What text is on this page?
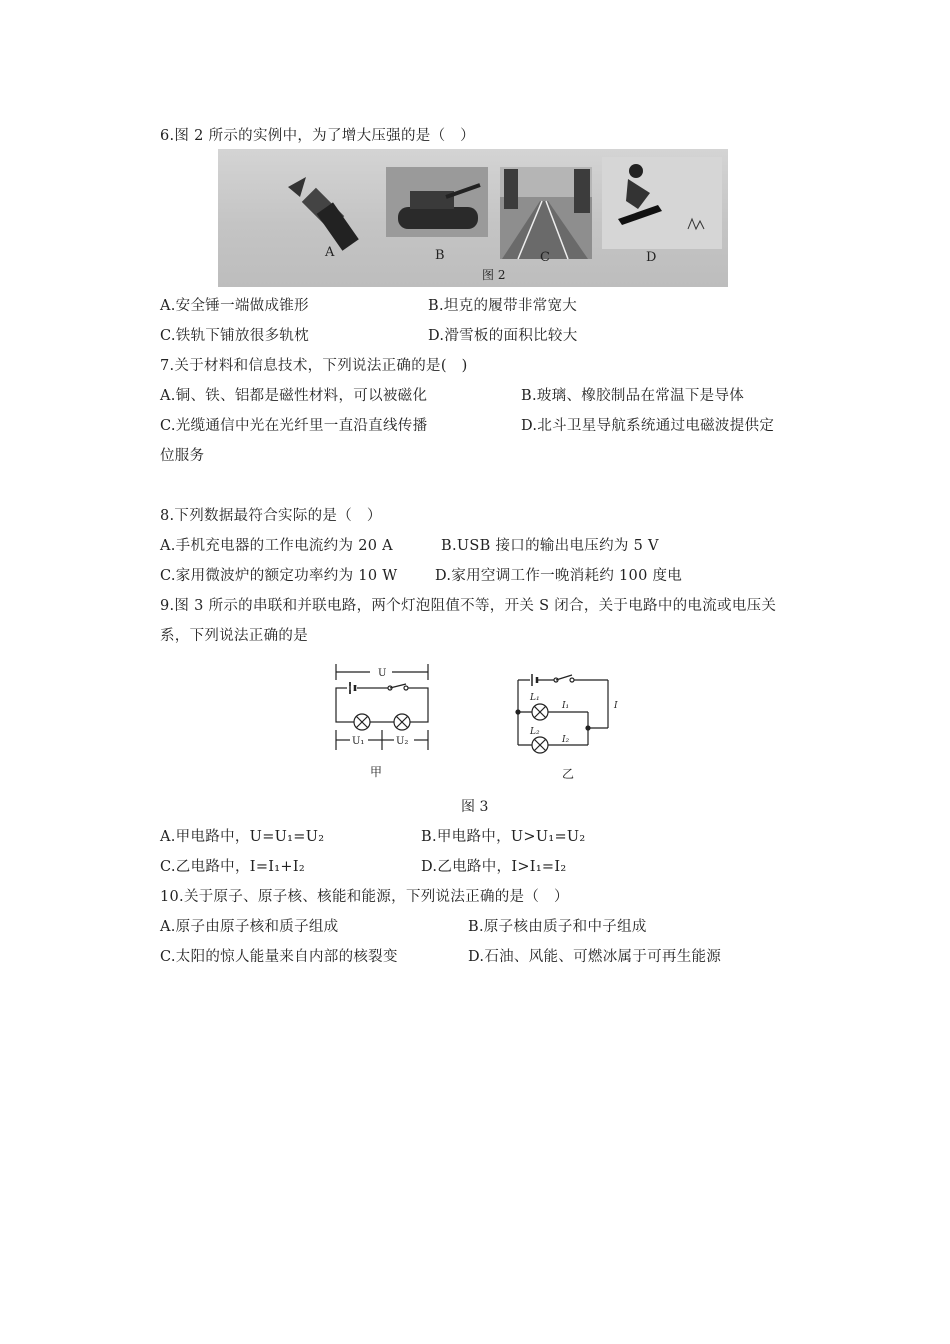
6.图 2 所示的实例中，为了增大压强的是（　）
A	B	C	D
图 2
A.安全锤一端做成锥形	B.坦克的履带非常宽大
C.铁轨下铺放很多轨枕	D.滑雪板的面积比较大
7.关于材料和信息技术，下列说法正确的是(　)
A.铜、铁、铝都是磁性材料，可以被磁化	B.玻璃、橡胶制品在常温下是导体
C.光缆通信中光在光纤里一直沿直线传播	D.北斗卫星导航系统通过电磁波提供定
位服务
8.下列数据最符合实际的是（　）
A.手机充电器的工作电流约为 20 A	B.USB 接口的输出电压约为 5 V
C.家用微波炉的额定功率约为 10 W	D.家用空调工作一晚消耗约 100 度电
9.图 3 所示的串联和并联电路，两个灯泡阻值不等，开关 S 闭合，关于电路中的电流或电压关
系，下列说法正确的是
U
U₁	U₂
甲
L₁
L₂
I₁
I₂
I
乙
图 3
A.甲电路中，U=U₁=U₂	B.甲电路中，U>U₁=U₂
C.乙电路中，I=I₁+I₂	D.乙电路中，I>I₁=I₂
10.关于原子、原子核、核能和能源，下列说法正确的是（　）
A.原子由原子核和质子组成	B.原子核由质子和中子组成
C.太阳的惊人能量来自内部的核裂变	D.石油、风能、可燃冰属于可再生能源
